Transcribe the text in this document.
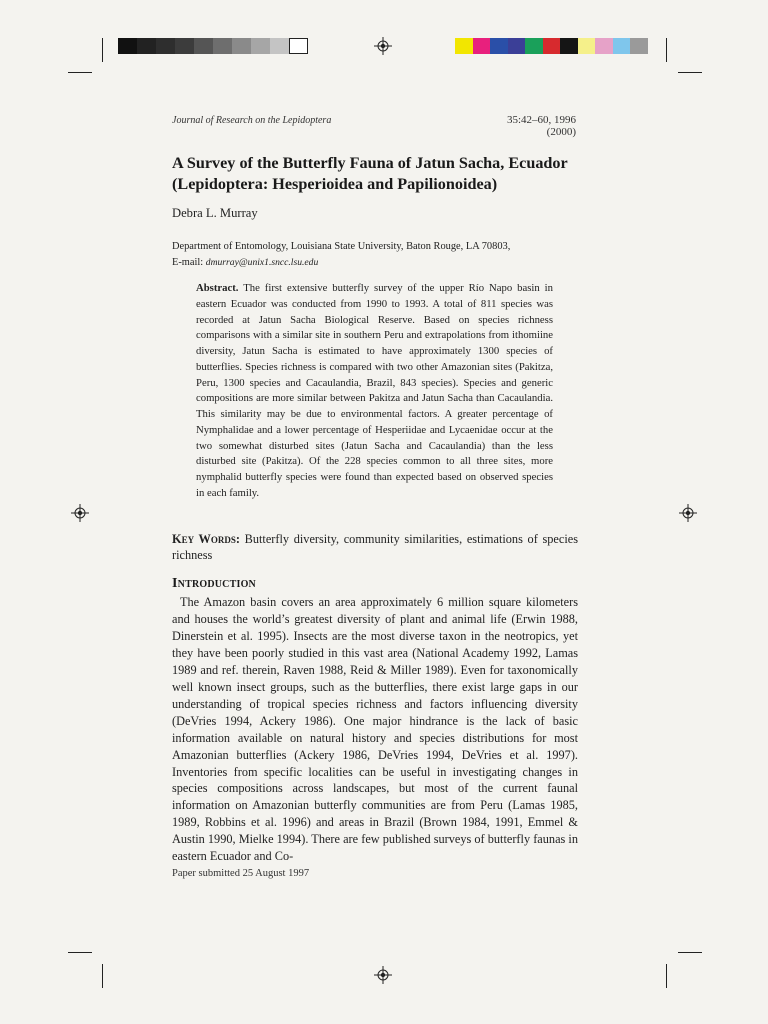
Journal of Research on the Lepidoptera	35:42–60, 1996 (2000)
A Survey of the Butterfly Fauna of Jatun Sacha, Ecuador (Lepidoptera: Hesperioidea and Papilionoidea)
Debra L. Murray
Department of Entomology, Louisiana State University, Baton Rouge, LA 70803,
E-mail: dmurray@unix1.sncc.lsu.edu
Abstract. The first extensive butterfly survey of the upper Río Napo basin in eastern Ecuador was conducted from 1990 to 1993. A total of 811 species was recorded at Jatun Sacha Biological Reserve. Based on species richness comparisons with a similar site in southern Peru and extrapolations from ithomiine diversity, Jatun Sacha is estimated to have approximately 1300 species of butterflies. Species richness is compared with two other Amazonian sites (Pakitza, Peru, 1300 species and Cacaulandia, Brazil, 843 species). Species and generic compositions are more similar between Pakitza and Jatun Sacha than Cacaulandia. This similarity may be due to environmental factors. A greater percentage of Nymphalidae and a lower percentage of Hesperiidae and Lycaenidae occur at the two somewhat disturbed sites (Jatun Sacha and Cacaulandia) than the less disturbed site (Pakitza). Of the 228 species common to all three sites, more nymphalid butterfly species were found than expected based on observed species in each family.
Key Words: Butterfly diversity, community similarities, estimations of species richness
Introduction

The Amazon basin covers an area approximately 6 million square kilometers and houses the world’s greatest diversity of plant and animal life (Erwin 1988, Dinerstein et al. 1995). Insects are the most diverse taxon in the neotropics, yet they have been poorly studied in this vast area (National Academy 1992, Lamas 1989 and ref. therein, Raven 1988, Reid & Miller 1989). Even for taxonomically well known insect groups, such as the butterflies, there exist large gaps in our understanding of tropical species richness and factors influencing diversity (DeVries 1994, Ackery 1986). One major hindrance is the lack of basic information available on natural history and species distributions for most Amazonian butterflies (Ackery 1986, DeVries 1994, DeVries et al. 1997). Inventories from specific localities can be useful in investigating changes in species compositions across landscapes, but most of the current faunal information on Amazonian butterfly communities are from Peru (Lamas 1985, 1989, Robbins et al. 1996) and areas in Brazil (Brown 1984, 1991, Emmel & Austin 1990, Mielke 1994). There are few published surveys of butterfly faunas in eastern Ecuador and Co-

Paper submitted 25 August 1997
